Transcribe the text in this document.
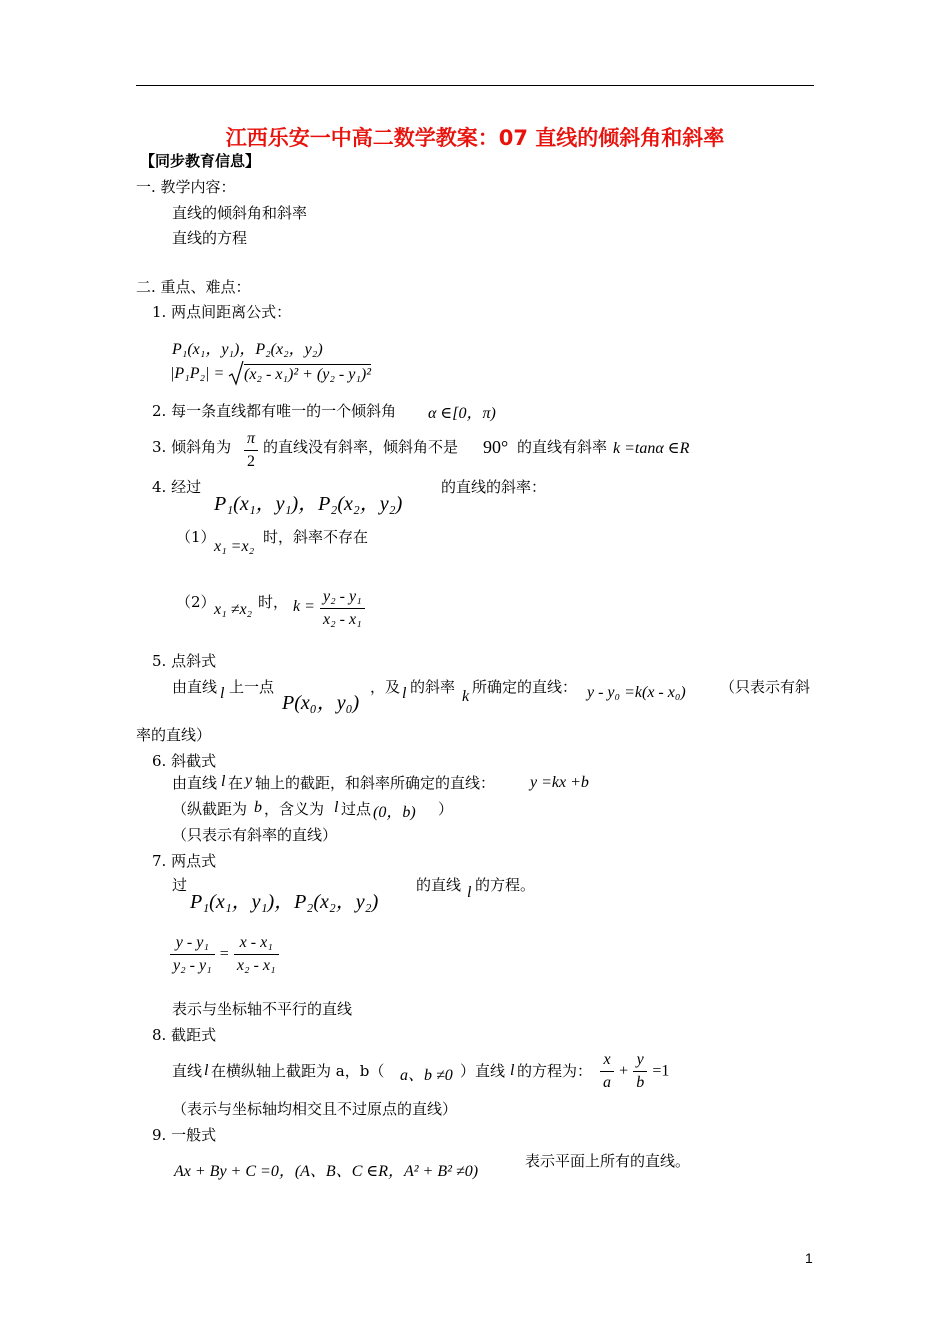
江西乐安一中高二数学教案：07 直线的倾斜角和斜率
【同步教育信息】
一. 教学内容：
直线的倾斜角和斜率
直线的方程
二. 重点、难点：
1. 两点间距离公式：
P₁(x₁，y₁)，P₂(x₂，y₂)
|P₁P₂| = (x₂ - x₁)² + (y₂ - y₁)²
2. 每一条直线都有唯一的一个倾斜角 α ∈[0，π)
3. 倾斜角为 $\frac{\pi}{2}$ 的直线没有斜率，倾斜角不是 90° 的直线有斜率 k =tanα ∈R
4. 经过
P₁(x₁，y₁)，P₂(x₂，y₂)
的直线的斜率：
（1）
x₁ =x₂
时，斜率不存在
（2）
x₁ ≠x₂ 时， $k = \frac{\text{y₂ - y₁}}{\text{x₂ - x₁}}$
5. 点斜式
由直线 l 上一点
P(x₀，y₀)
，及 l 的斜率
k
所确定的直线： y - y₀ =k(x - x₀) （只表示有斜
率的直线）
6. 斜截式
由直线 l 在 y 轴上的截距，和斜率所确定的直线： y =kx +b
（纵截距为 b ，含义为 l 过点 (0，b) ）
（只表示有斜率的直线）
7. 两点式
过
P₁(x₁，y₁)，P₂(x₂，y₂)
的直线 l 的方程。
$\frac{\text{y - y₁}}{\text{y₂ - y₁}} = \frac{\text{x - x₁}}{\text{x₂ - x₁}}$
表示与坐标轴不平行的直线
8. 截距式
直线 l 在横纵轴上截距为 a，b（ a、b ≠0 ）直线 l 的方程为： $\frac{x}{a} + \frac{y}{b} =1$
（表示与坐标轴均相交且不过原点的直线）
9. 一般式
Ax + By + C =0，(A、B、C ∈R，A² + B² ≠0)
表示平面上所有的直线。
1
